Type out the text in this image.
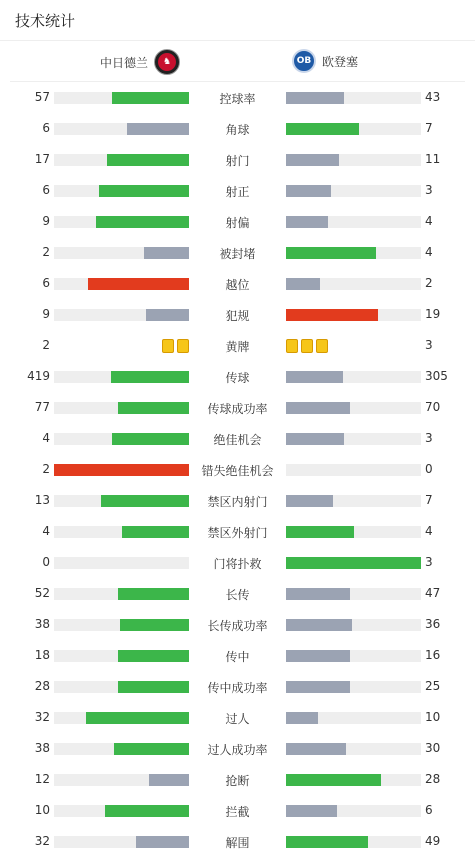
技术统计
中日德兰 ♞	OB 欧登塞
57	控球率	43
6	角球	7
17	射门	11
6	射正	3
9	射偏	4
2	被封堵	4
6	越位	2
9	犯规	19
2	黄牌	3
419	传球	305
77	传球成功率	70
4	绝佳机会	3
2	错失绝佳机会	0
13	禁区内射门	7
4	禁区外射门	4
0	门将扑救	3
52	长传	47
38	长传成功率	36
18	传中	16
28	传中成功率	25
32	过人	10
38	过人成功率	30
12	抢断	28
10	拦截	6
32	解围	49
